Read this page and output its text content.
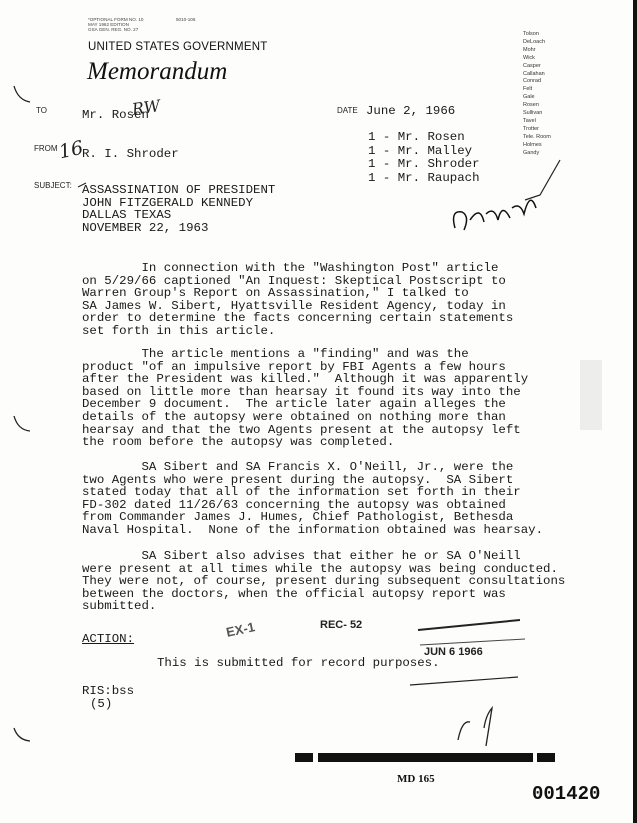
*OPTIONAL FORM NO. 10
MAY 1962 EDITION
GSA GEN. REG. NO. 27
5010-106
UNITED STATES GOVERNMENT
Memorandum
Tolson
DeLoach
Mohr
Wick
Casper
Callahan
Conrad
Felt
Gale
Rosen
Sullivan
Tavel
Trotter
Tele. Room
Holmes
Gandy
TO	Mr. Rosen
RW
FROM 16
R. I. Shroder
SUBJECT: ASSASSINATION OF PRESIDENT
JOHN FITZGERALD KENNEDY
DALLAS TEXAS
NOVEMBER 22, 1963
DATE June 2, 1966
1 - Mr. Rosen
1 - Mr. Malley
1 - Mr. Shroder
1 - Mr. Raupach
In connection with the "Washington Post" article
on 5/29/66 captioned "An Inquest: Skeptical Postscript to
Warren Group's Report on Assassination," I talked to
SA James W. Sibert, Hyattsville Resident Agency, today in
order to determine the facts concerning certain statements
set forth in this article.
The article mentions a "finding" and was the
product "of an impulsive report by FBI Agents a few hours
after the President was killed."  Although it was apparently
based on little more than hearsay it found its way into the
December 9 document.  The article later again alleges the
details of the autopsy were obtained on nothing more than
hearsay and that the two Agents present at the autopsy left
the room before the autopsy was completed.
SA Sibert and SA Francis X. O'Neill, Jr., were the
two Agents who were present during the autopsy.  SA Sibert
stated today that all of the information set forth in their
FD-302 dated 11/26/63 concerning the autopsy was obtained
from Commander James J. Humes, Chief Pathologist, Bethesda
Naval Hospital.  None of the information obtained was hearsay.
SA Sibert also advises that either he or SA O'Neill
were present at all times while the autopsy was being conducted.
They were not, of course, present during subsequent consultations
between the doctors, when the official autopsy report was
submitted.
ACTION:
This is submitted for record purposes.
EX-1	REC- 52
JUN 6 1966
RIS:bss
(5)
MD 165
001420
